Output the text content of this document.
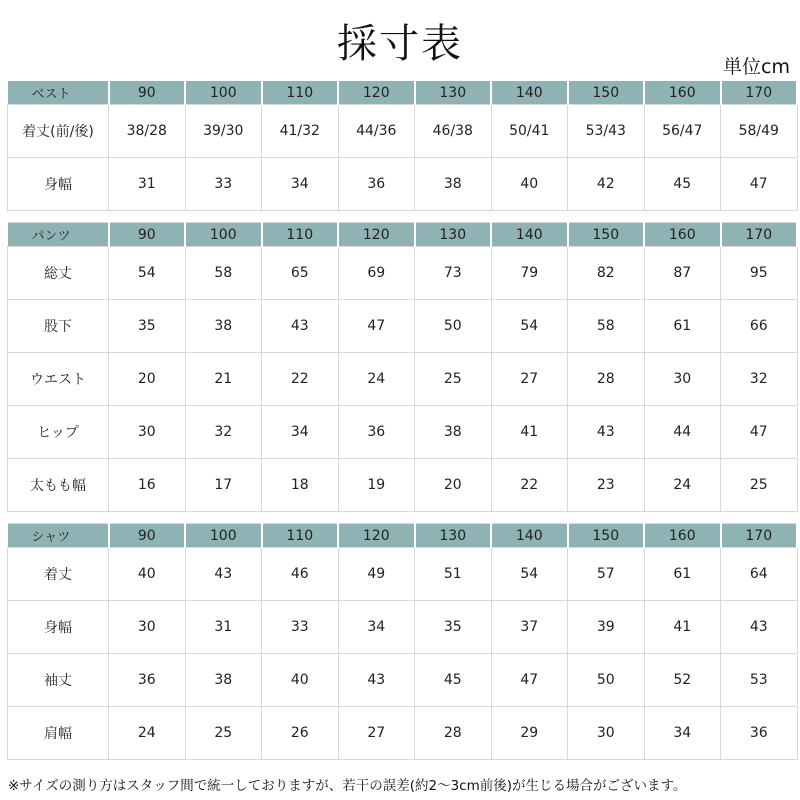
採寸表	単位cm
ベスト	90	100	110	120	130	140	150	160	170
着丈(前/後)	38/28	39/30	41/32	44/36	46/38	50/41	53/43	56/47	58/49
身幅	31	33	34	36	38	40	42	45	47

パンツ	90	100	110	120	130	140	150	160	170
総丈	54	58	65	69	73	79	82	87	95
股下	35	38	43	47	50	54	58	61	66
ウエスト	20	21	22	24	25	27	28	30	32
ヒップ	30	32	34	36	38	41	43	44	47
太もも幅	16	17	18	19	20	22	23	24	25

シャツ	90	100	110	120	130	140	150	160	170
着丈	40	43	46	49	51	54	57	61	64
身幅	30	31	33	34	35	37	39	41	43
袖丈	36	38	40	43	45	47	50	52	53
肩幅	24	25	26	27	28	29	30	34	36
※サイズの測り方はスタッフ間で統一しておりますが、若干の誤差(約2～3cm前後)が生じる場合がございます。
